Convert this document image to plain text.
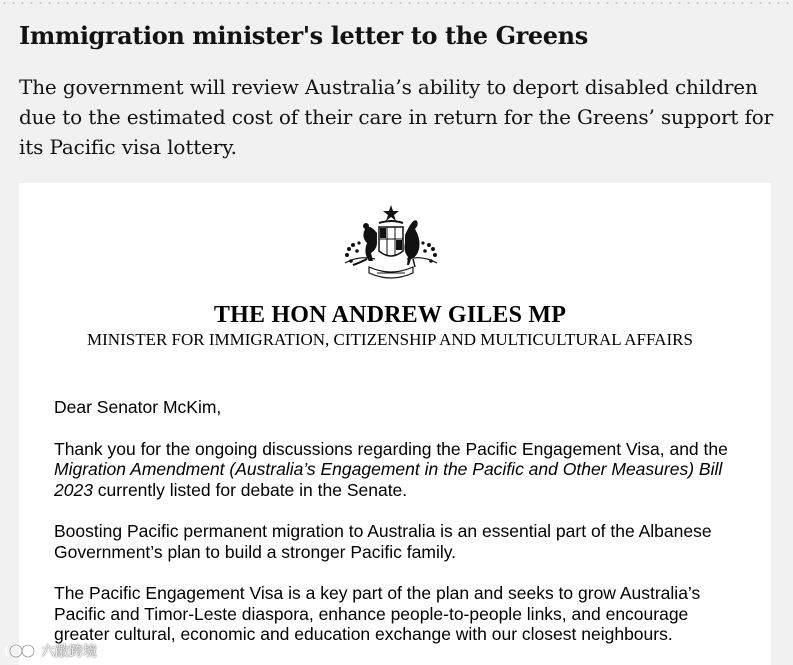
Immigration minister's letter to the Greens

The government will review Australia’s ability to deport disabled children due to the estimated cost of their care in return for the Greens’ support for its Pacific visa lottery.

THE HON ANDREW GILES MP
MINISTER FOR IMMIGRATION, CITIZENSHIP AND MULTICULTURAL AFFAIRS

Dear Senator McKim,

Thank you for the ongoing discussions regarding the Pacific Engagement Visa, and the Migration Amendment (Australia’s Engagement in the Pacific and Other Measures) Bill 2023 currently listed for debate in the Senate.

Boosting Pacific permanent migration to Australia is an essential part of the Albanese Government’s plan to build a stronger Pacific family.

The Pacific Engagement Visa is a key part of the plan and seeks to grow Australia’s Pacific and Timor-Leste diaspora, enhance people-to-people links, and encourage greater cultural, economic and education exchange with our closest neighbours.

六敝跨境
